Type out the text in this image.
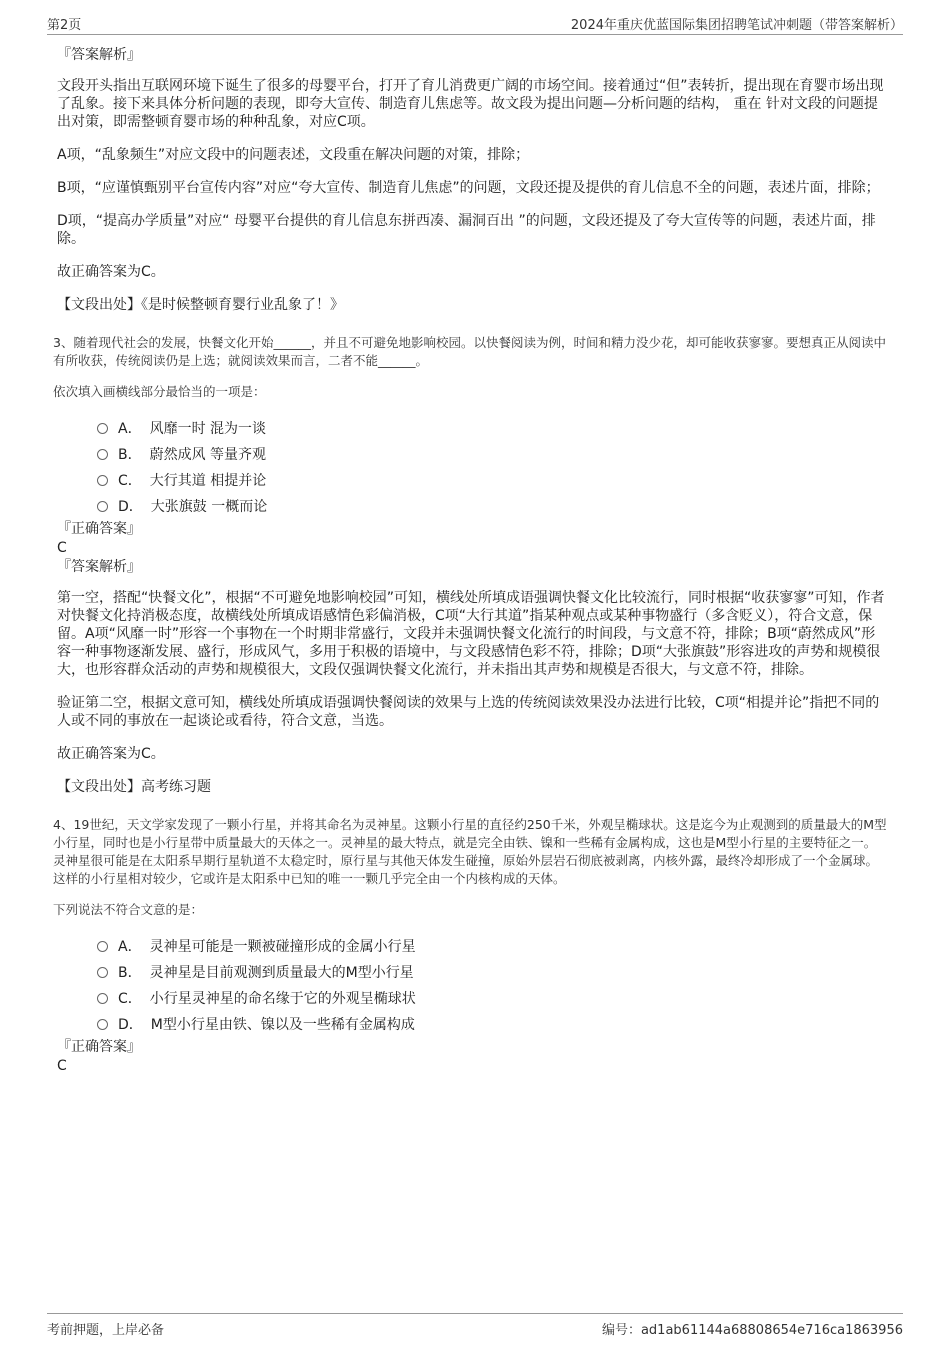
第2页	2024年重庆优蓝国际集团招聘笔试冲刺题（带答案解析）
『答案解析』

文段开头指出互联网环境下诞生了很多的母婴平台，打开了育儿消费更广阔的市场空间。接着通过“但”表转折，提出现在育婴市场出现了乱象。接下来具体分析问题的表现，即夸大宣传、制造育儿焦虑等。故文段为提出问题—分析问题的结构， 重在 针对文段的问题提出对策，即需整顿育婴市场的种种乱象，对应C项。

A项，“乱象频生”对应文段中的问题表述，文段重在解决问题的对策，排除；

B项，“应谨慎甄别平台宣传内容”对应“夸大宣传、制造育儿焦虑”的问题，文段还提及提供的育儿信息不全的问题，表述片面，排除；

D项，“提高办学质量”对应“ 母婴平台提供的育儿信息东拼西凑、漏洞百出 ”的问题，文段还提及了夸大宣传等的问题，表述片面，排除。

故正确答案为C。

【文段出处】《是时候整顿育婴行业乱象了！》

3、随着现代社会的发展，快餐文化开始______，并且不可避免地影响校园。以快餐阅读为例，时间和精力没少花，却可能收获寥寥。要想真正从阅读中有所收获，传统阅读仍是上选；就阅读效果而言，二者不能______。

依次填入画横线部分最恰当的一项是：

A． 风靡一时 混为一谈
B． 蔚然成风 等量齐观
C． 大行其道 相提并论
D． 大张旗鼓 一概而论
『正确答案』
C
『答案解析』

第一空，搭配“快餐文化”，根据“不可避免地影响校园”可知，横线处所填成语强调快餐文化比较流行，同时根据“收获寥寥”可知，作者对快餐文化持消极态度，故横线处所填成语感情色彩偏消极，C项“大行其道”指某种观点或某种事物盛行（多含贬义），符合文意，保留。A项“风靡一时”形容一个事物在一个时期非常盛行，文段并未强调快餐文化流行的时间段，与文意不符，排除；B项“蔚然成风”形容一种事物逐渐发展、盛行，形成风气，多用于积极的语境中，与文段感情色彩不符，排除；D项“大张旗鼓”形容进攻的声势和规模很大，也形容群众活动的声势和规模很大，文段仅强调快餐文化流行，并未指出其声势和规模是否很大，与文意不符，排除。

验证第二空，根据文意可知，横线处所填成语强调快餐阅读的效果与上选的传统阅读效果没办法进行比较，C项“相提并论”指把不同的人或不同的事放在一起谈论或看待，符合文意，当选。

故正确答案为C。

【文段出处】高考练习题

4、19世纪，天文学家发现了一颗小行星，并将其命名为灵神星。这颗小行星的直径约250千米，外观呈椭球状。这是迄今为止观测到的质量最大的M型小行星，同时也是小行星带中质量最大的天体之一。灵神星的最大特点，就是完全由铁、镍和一些稀有金属构成，这也是M型小行星的主要特征之一。灵神星很可能是在太阳系早期行星轨道不太稳定时，原行星与其他天体发生碰撞，原始外层岩石彻底被剥离，内核外露，最终冷却形成了一个金属球。这样的小行星相对较少，它或许是太阳系中已知的唯一一颗几乎完全由一个内核构成的天体。

下列说法不符合文意的是：

A． 灵神星可能是一颗被碰撞形成的金属小行星
B． 灵神星是目前观测到质量最大的M型小行星
C． 小行星灵神星的命名缘于它的外观呈椭球状
D． M型小行星由铁、镍以及一些稀有金属构成
『正确答案』
C
考前押题，上岸必备	编号：ad1ab61144a68808654e716ca1863956
